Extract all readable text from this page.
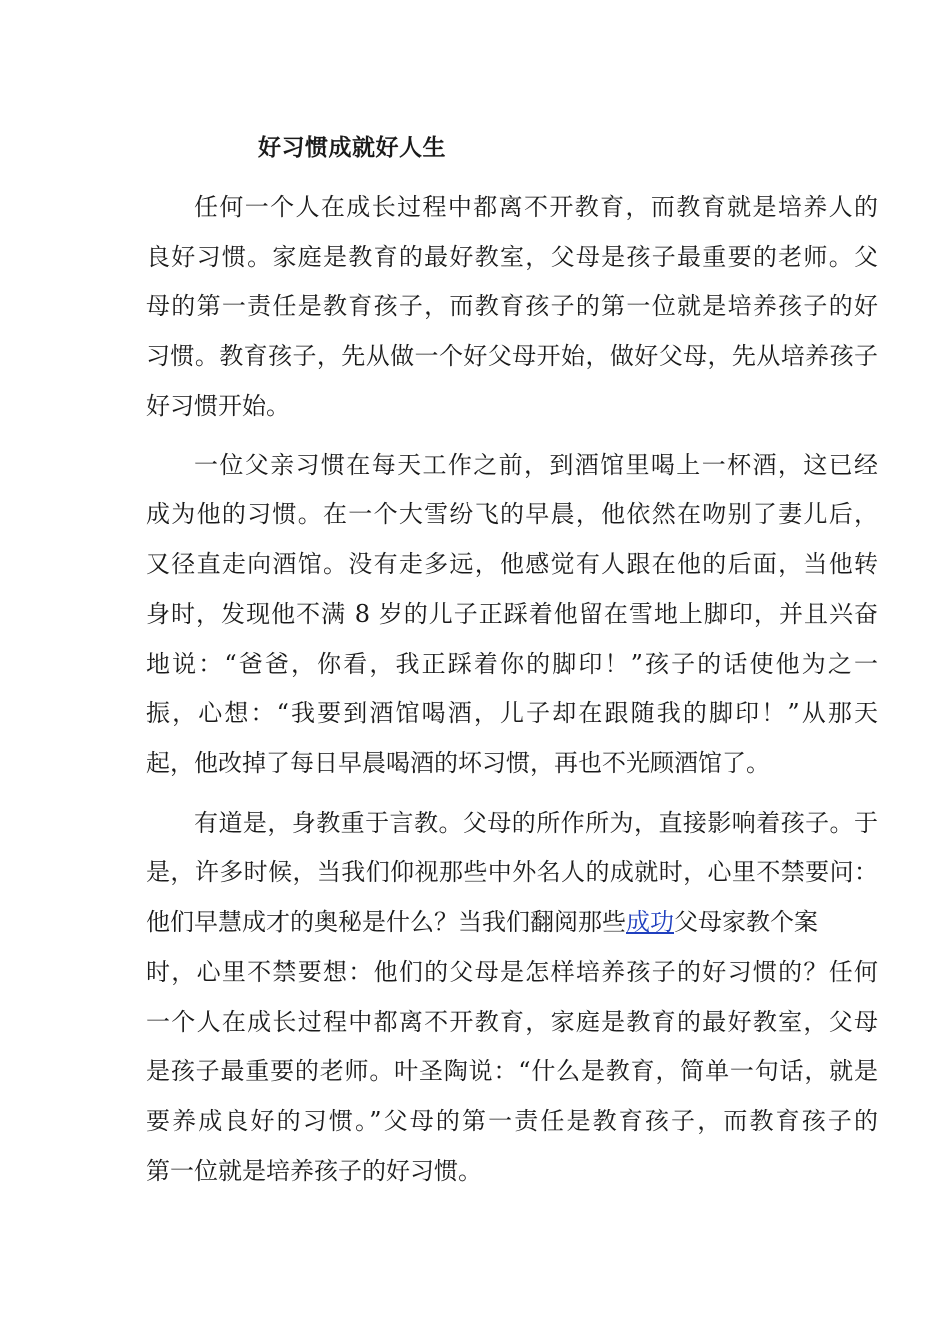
好习惯成就好人生
任何一个人在成长过程中都离不开教育，而教育就是培养人的
良好习惯。家庭是教育的最好教室，父母是孩子最重要的老师。父
母的第一责任是教育孩子，而教育孩子的第一位就是培养孩子的好
习惯。教育孩子，先从做一个好父母开始，做好父母，先从培养孩子
好习惯开始。
一位父亲习惯在每天工作之前，到酒馆里喝上一杯酒，这已经
成为他的习惯。在一个大雪纷飞的早晨，他依然在吻别了妻儿后，
又径直走向酒馆。没有走多远，他感觉有人跟在他的后面，当他转
身时，发现他不满 8 岁的儿子正踩着他留在雪地上脚印，并且兴奋
地说：“爸爸，你看，我正踩着你的脚印！”孩子的话使他为之一
振，心想：“我要到酒馆喝酒，儿子却在跟随我的脚印！”从那天
起，他改掉了每日早晨喝酒的坏习惯，再也不光顾酒馆了。
有道是，身教重于言教。父母的所作所为，直接影响着孩子。于
是，许多时候，当我们仰视那些中外名人的成就时，心里不禁要问：
他们早慧成才的奥秘是什么？当我们翻阅那些成功父母家教个案
时，心里不禁要想：他们的父母是怎样培养孩子的好习惯的？任何
一个人在成长过程中都离不开教育，家庭是教育的最好教室，父母
是孩子最重要的老师。叶圣陶说：“什么是教育，简单一句话，就是
要养成良好的习惯。”父母的第一责任是教育孩子，而教育孩子的
第一位就是培养孩子的好习惯。
